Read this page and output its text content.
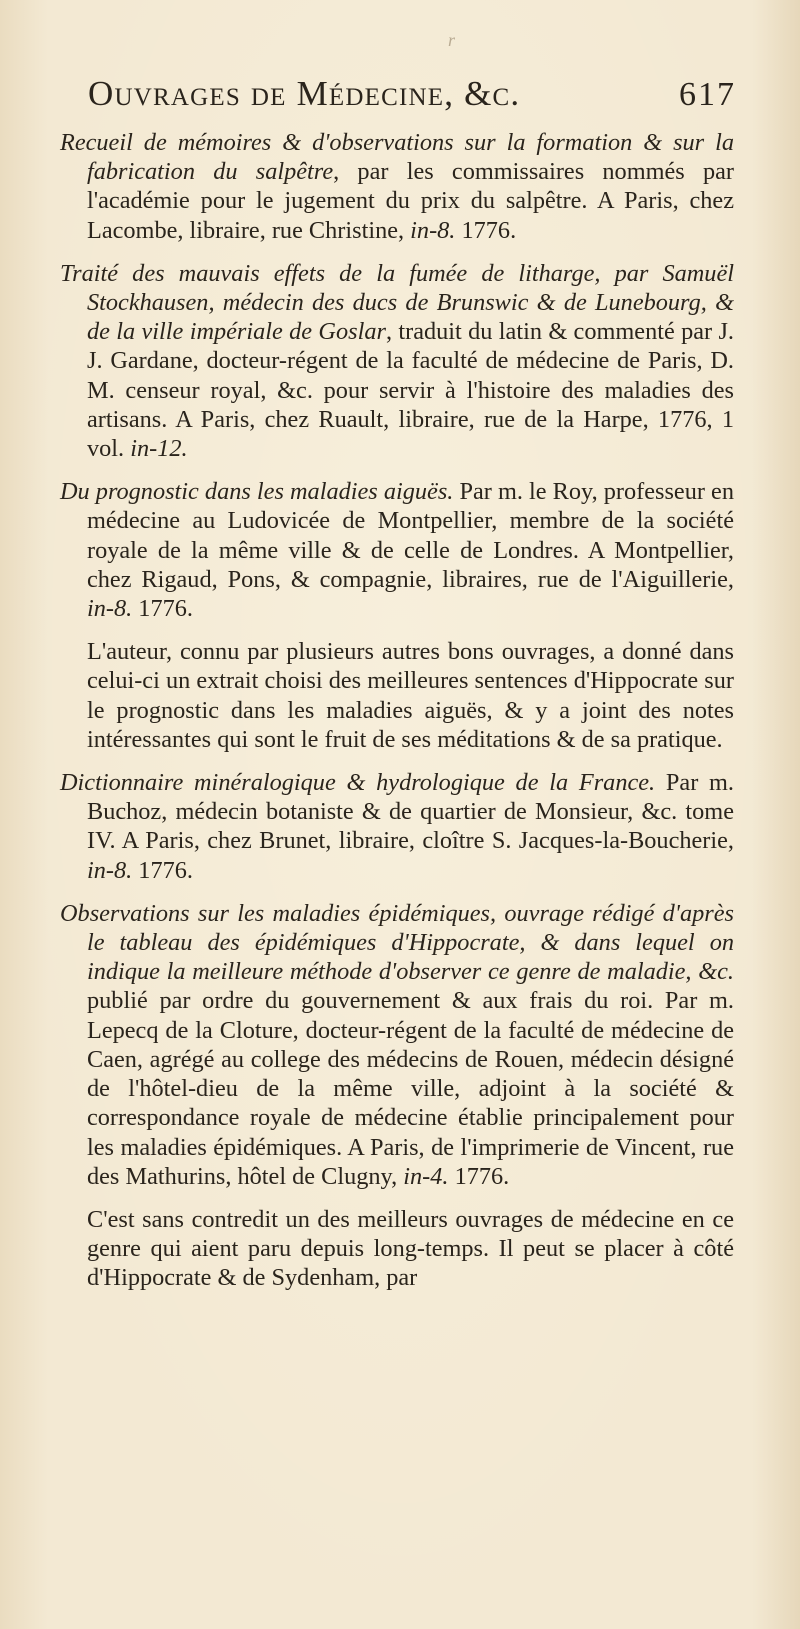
r
Ouvrages de Médecine, &c.	617

Recueil de mémoires & d'observations sur la formation & sur la fabrication du salpêtre, par les commissaires nommés par l'académie pour le jugement du prix du salpêtre. A Paris, chez Lacombe, libraire, rue Christine, in-8. 1776.

Traité des mauvais effets de la fumée de litharge, par Samuël Stockhausen, médecin des ducs de Brunswic & de Lunebourg, & de la ville impériale de Goslar, traduit du latin & commenté par J. J. Gardane, docteur-régent de la faculté de médecine de Paris, D. M. censeur royal, &c. pour servir à l'histoire des maladies des artisans. A Paris, chez Ruault, libraire, rue de la Harpe, 1776, 1 vol. in-12.

Du prognostic dans les maladies aiguës. Par m. le Roy, professeur en médecine au Ludovicée de Montpellier, membre de la société royale de la même ville & de celle de Londres. A Montpellier, chez Rigaud, Pons, & compagnie, libraires, rue de l'Aiguillerie, in-8. 1776.

L'auteur, connu par plusieurs autres bons ouvrages, a donné dans celui-ci un extrait choisi des meilleures sentences d'Hippocrate sur le prognostic dans les maladies aiguës, & y a joint des notes intéressantes qui sont le fruit de ses méditations & de sa pratique.

Dictionnaire minéralogique & hydrologique de la France. Par m. Buchoz, médecin botaniste & de quartier de Monsieur, &c. tome IV. A Paris, chez Brunet, libraire, cloître S. Jacques-la-Boucherie, in-8. 1776.

Observations sur les maladies épidémiques, ouvrage rédigé d'après le tableau des épidémiques d'Hippocrate, & dans lequel on indique la meilleure méthode d'observer ce genre de maladie, &c. publié par ordre du gouvernement & aux frais du roi. Par m. Lepecq de la Cloture, docteur-régent de la faculté de médecine de Caen, agrégé au college des médecins de Rouen, médecin désigné de l'hôtel-dieu de la même ville, adjoint à la société & correspondance royale de médecine établie principalement pour les maladies épidémiques. A Paris, de l'imprimerie de Vincent, rue des Mathurins, hôtel de Clugny, in-4. 1776.

C'est sans contredit un des meilleurs ouvrages de médecine en ce genre qui aient paru depuis long-temps. Il peut se placer à côté d'Hippocrate & de Sydenham, par
